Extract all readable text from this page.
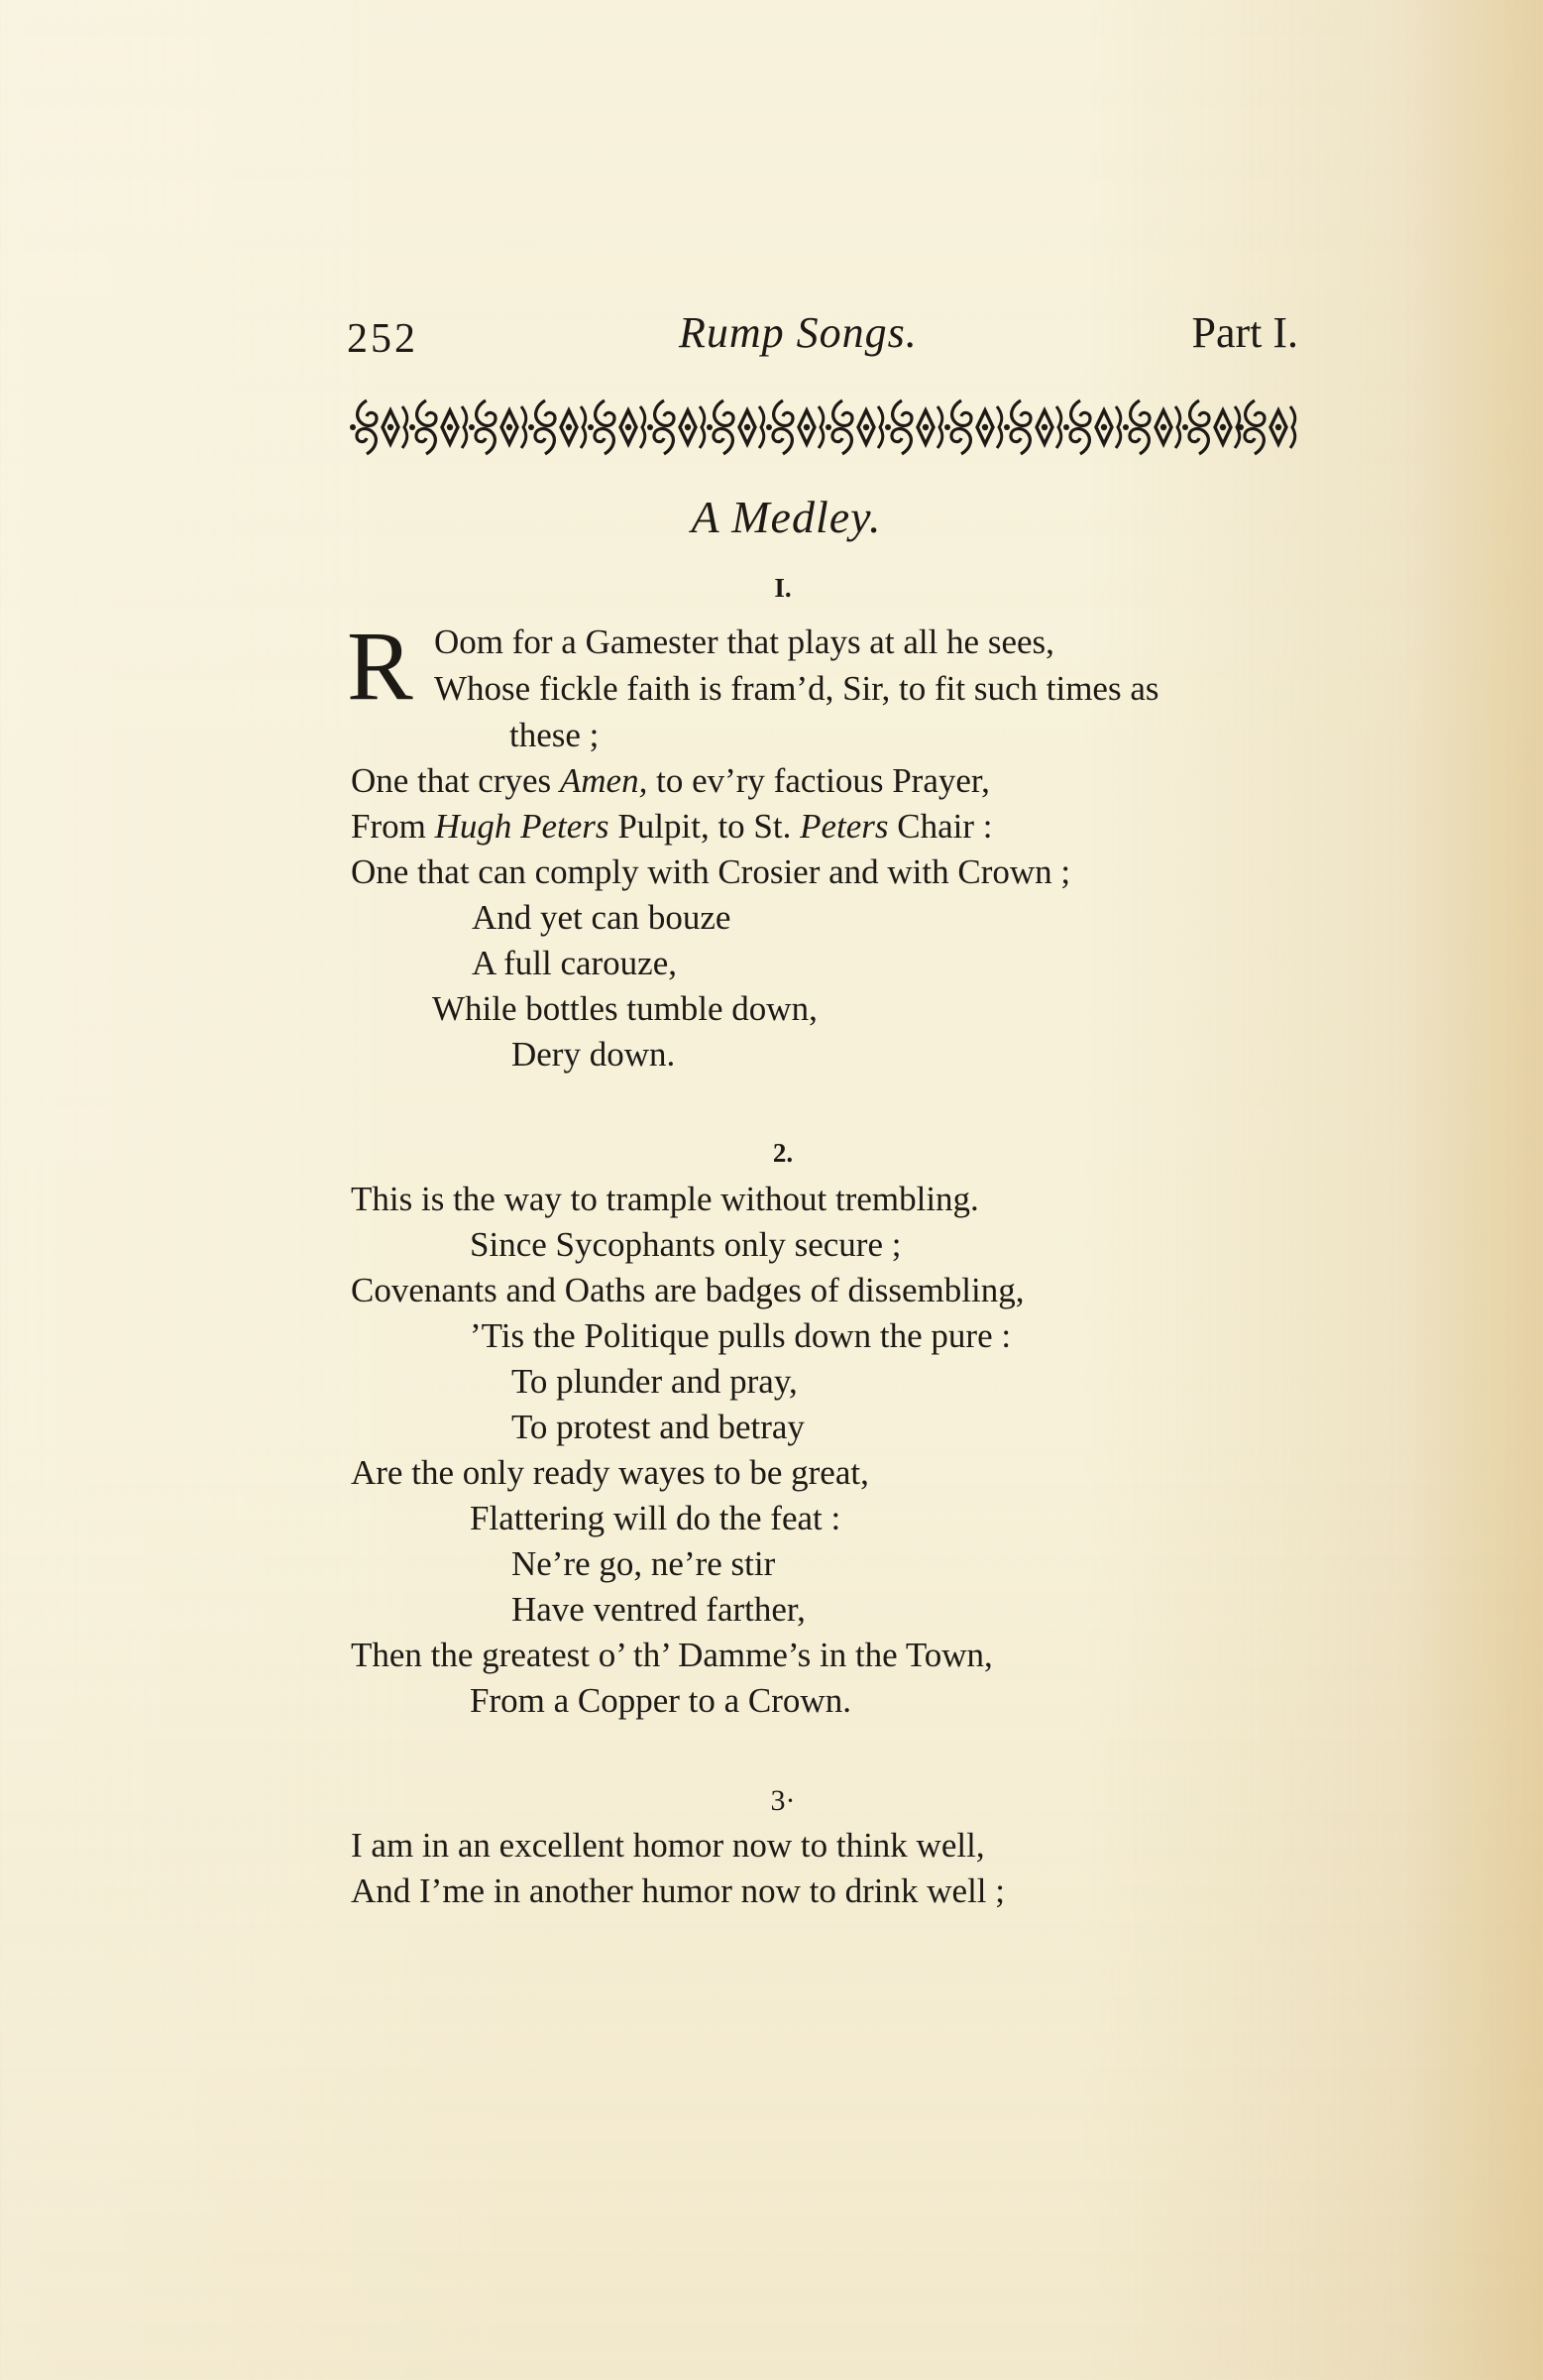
252	Rump Songs.	Part I.
A Medley.
I.
R Oom for a Gamester that plays at all he sees,
Whose fickle faith is fram’d, Sir, to fit such times as
these ;
One that cryes Amen, to ev’ry factious Prayer,
From Hugh Peters Pulpit, to St. Peters Chair :
One that can comply with Crosier and with Crown ;
And yet can bouze
A full carouze,
While bottles tumble down,
Dery down.
2.
This is the way to trample without trembling.
Since Sycophants only secure ;
Covenants and Oaths are badges of dissembling,
’Tis the Politique pulls down the pure :
To plunder and pray,
To protest and betray
Are the only ready wayes to be great,
Flattering will do the feat :
Ne’re go, ne’re stir
Have ventred farther,
Then the greatest o’ th’ Damme’s in the Town,
From a Copper to a Crown.
3·
I am in an excellent homor now to think well,
And I’me in another humor now to drink well ;
